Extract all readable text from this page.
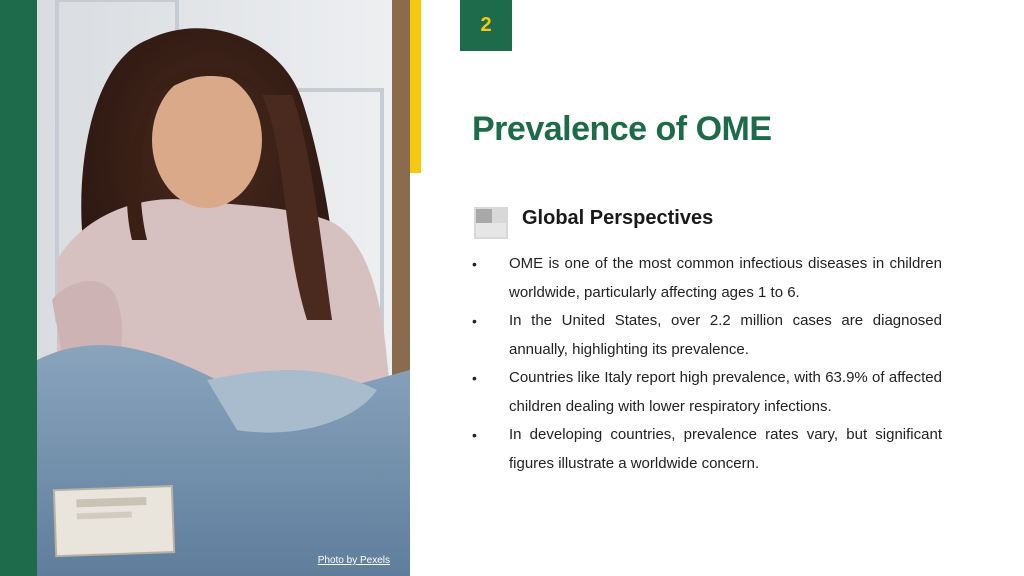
Photo by Pexels
2
Prevalence of OME
Global Perspectives
• OME is one of the most common infectious diseases in children worldwide, particularly affecting ages 1 to 6.
• In the United States, over 2.2 million cases are diagnosed annually, highlighting its prevalence.
• Countries like Italy report high prevalence, with 63.9% of affected children dealing with lower respiratory infections.
• In developing countries, prevalence rates vary, but significant figures illustrate a worldwide concern.
